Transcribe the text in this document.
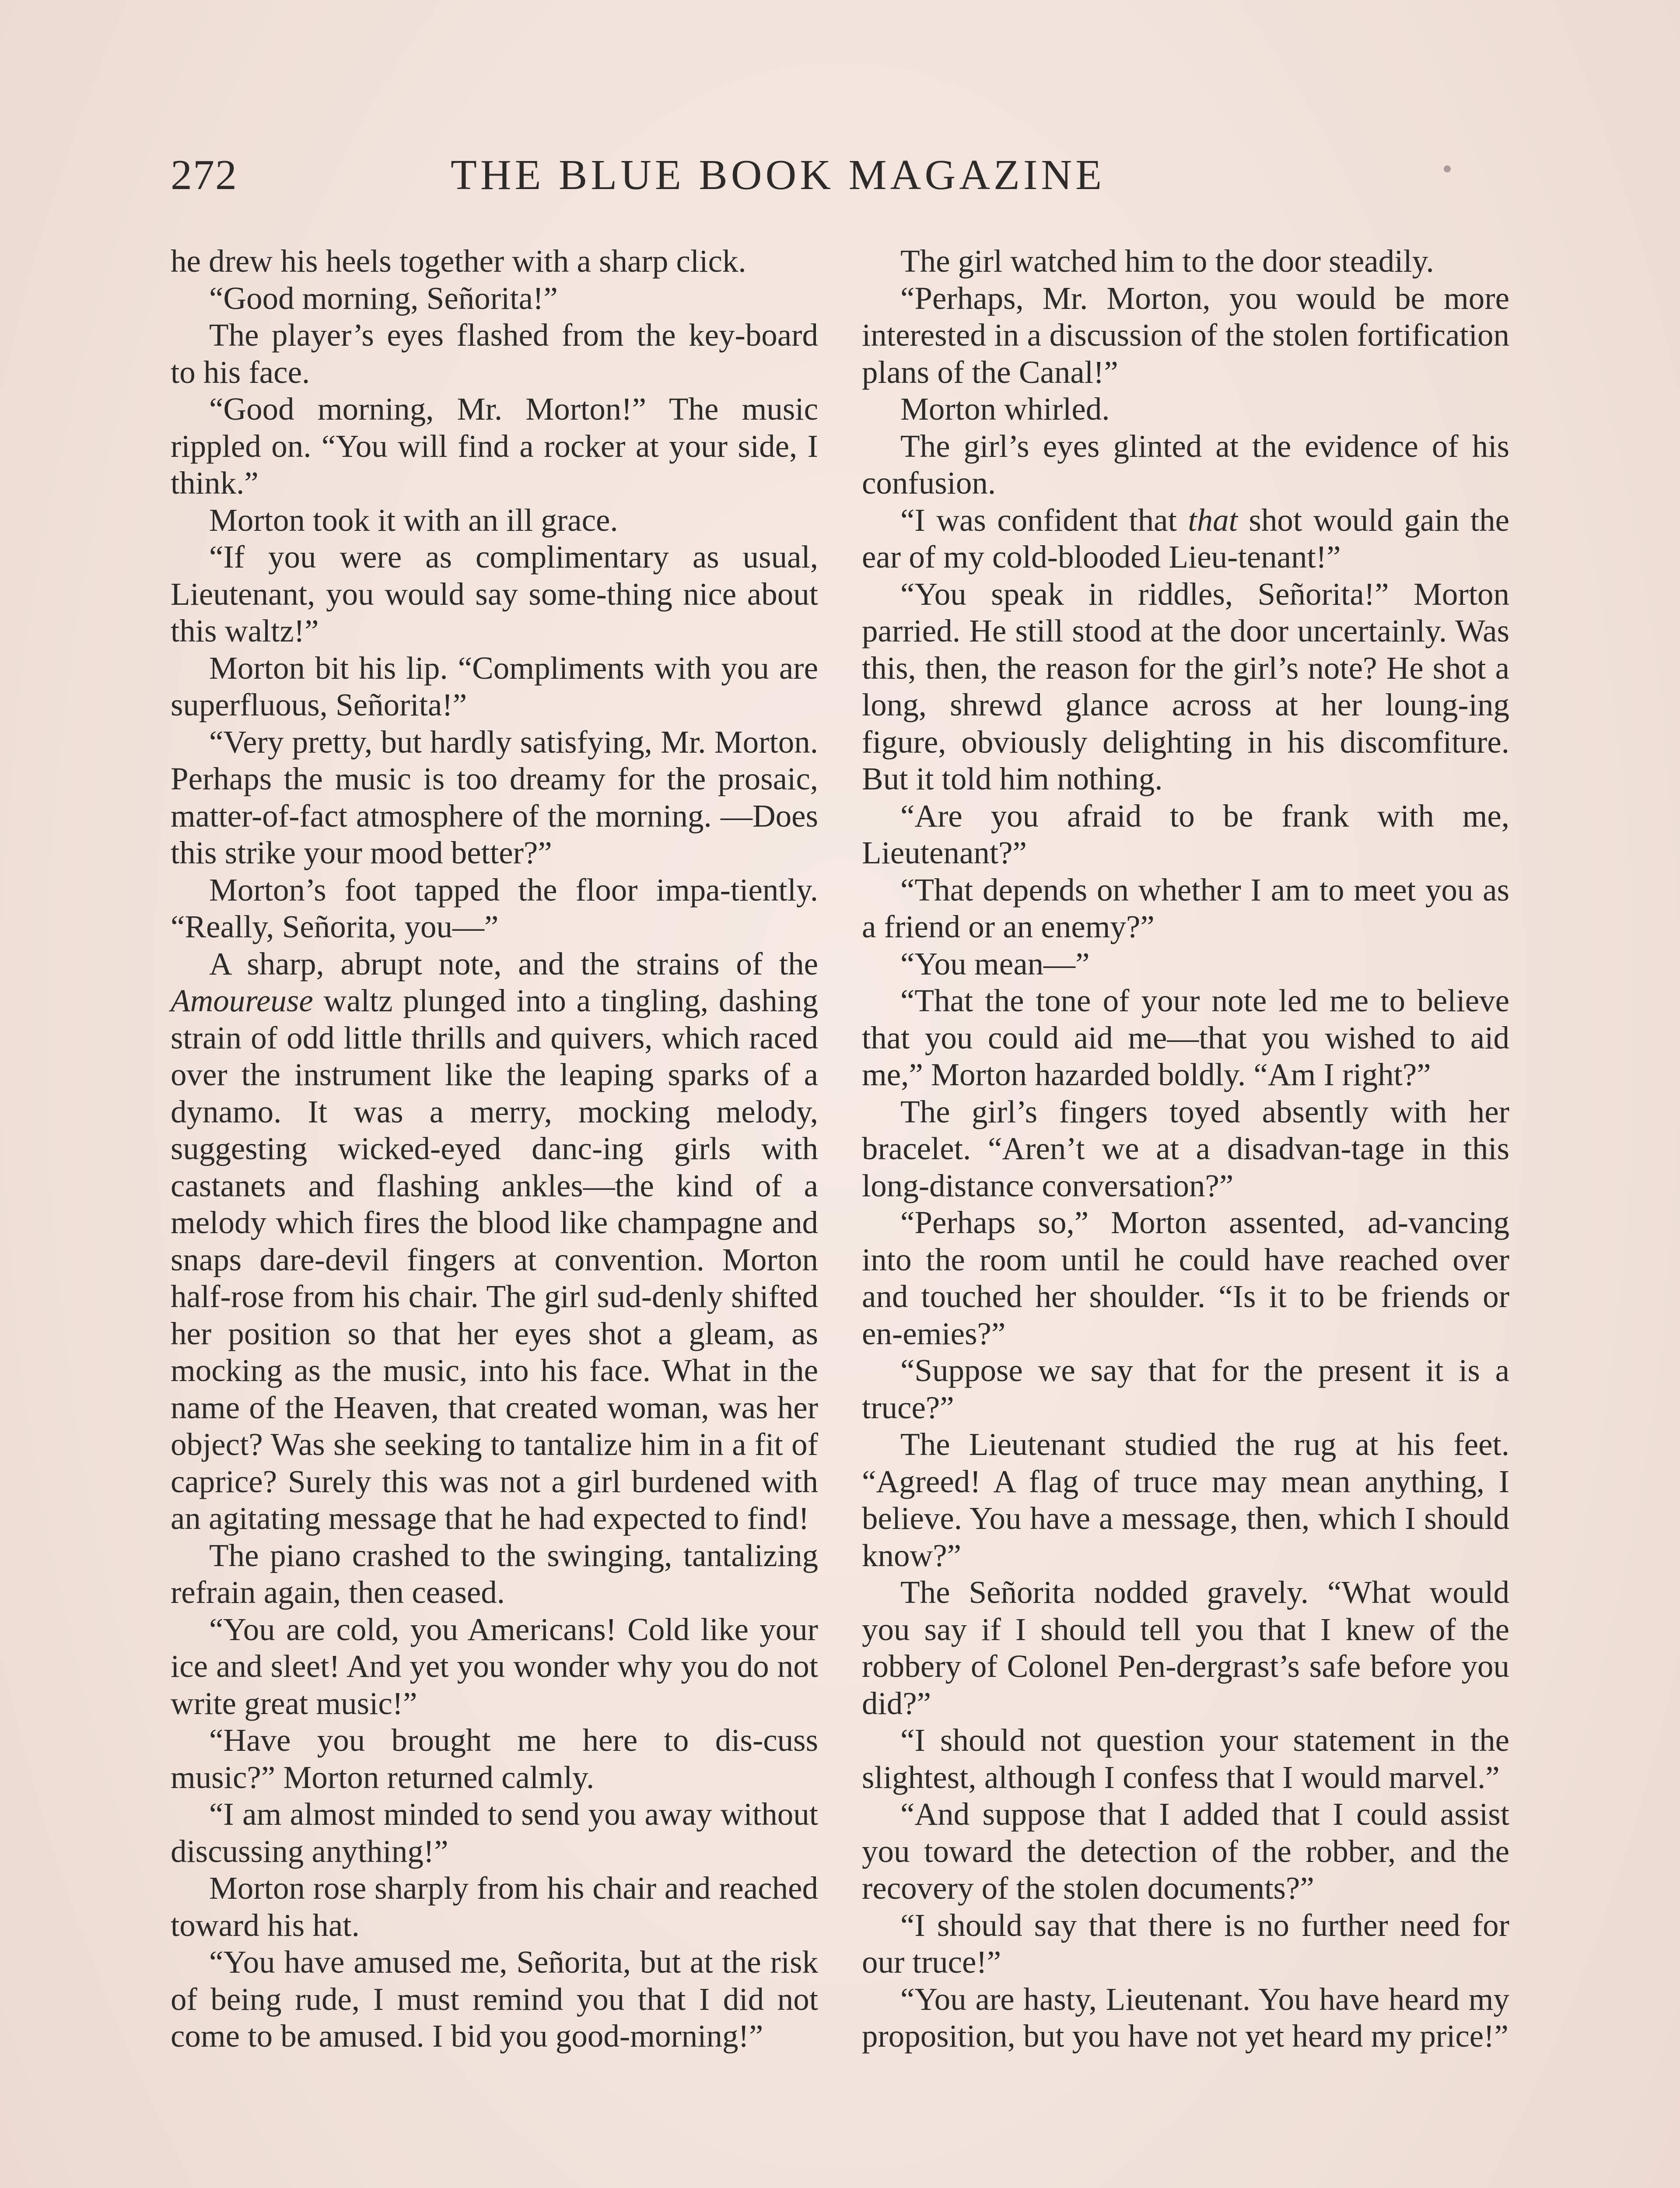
272	THE BLUE BOOK MAGAZINE

he drew his heels together with a sharp click.

“Good morning, Señorita!”

The player’s eyes flashed from the key-board to his face.

“Good morning, Mr. Morton!” The music rippled on. “You will find a rocker at your side, I think.”

Morton took it with an ill grace.

“If you were as complimentary as usual, Lieutenant, you would say some-thing nice about this waltz!”

Morton bit his lip. “Compliments with you are superfluous, Señorita!”

“Very pretty, but hardly satisfying, Mr. Morton. Perhaps the music is too dreamy for the prosaic, matter-of-fact atmosphere of the morning. —Does this strike your mood better?”

Morton’s foot tapped the floor impa-tiently. “Really, Señorita, you—”

A sharp, abrupt note, and the strains of the Amoureuse waltz plunged into a tingling, dashing strain of odd little thrills and quivers, which raced over the instrument like the leaping sparks of a dynamo. It was a merry, mocking melody, suggesting wicked-eyed danc-ing girls with castanets and flashing ankles—the kind of a melody which fires the blood like champagne and snaps dare-devil fingers at convention. Morton half-rose from his chair. The girl sud-denly shifted her position so that her eyes shot a gleam, as mocking as the music, into his face. What in the name of the Heaven, that created woman, was her object? Was she seeking to tantalize him in a fit of caprice? Surely this was not a girl burdened with an agitating message that he had expected to find!

The piano crashed to the swinging, tantalizing refrain again, then ceased.

“You are cold, you Americans! Cold like your ice and sleet! And yet you wonder why you do not write great music!”

“Have you brought me here to dis-cuss music?” Morton returned calmly.

“I am almost minded to send you away without discussing anything!”

Morton rose sharply from his chair and reached toward his hat.

“You have amused me, Señorita, but at the risk of being rude, I must remind you that I did not come to be amused. I bid you good-morning!”

The girl watched him to the door steadily.

“Perhaps, Mr. Morton, you would be more interested in a discussion of the stolen fortification plans of the Canal!”

Morton whirled.

The girl’s eyes glinted at the evidence of his confusion.

“I was confident that that shot would gain the ear of my cold-blooded Lieu-tenant!”

“You speak in riddles, Señorita!” Morton parried. He still stood at the door uncertainly. Was this, then, the reason for the girl’s note? He shot a long, shrewd glance across at her loung-ing figure, obviously delighting in his discomfiture. But it told him nothing.

“Are you afraid to be frank with me, Lieutenant?”

“That depends on whether I am to meet you as a friend or an enemy?”

“You mean—”

“That the tone of your note led me to believe that you could aid me—that you wished to aid me,” Morton hazarded boldly. “Am I right?”

The girl’s fingers toyed absently with her bracelet. “Aren’t we at a disadvan-tage in this long-distance conversation?”

“Perhaps so,” Morton assented, ad-vancing into the room until he could have reached over and touched her shoulder. “Is it to be friends or en-emies?”

“Suppose we say that for the present it is a truce?”

The Lieutenant studied the rug at his feet. “Agreed! A flag of truce may mean anything, I believe. You have a message, then, which I should know?”

The Señorita nodded gravely. “What would you say if I should tell you that I knew of the robbery of Colonel Pen-dergrast’s safe before you did?”

“I should not question your statement in the slightest, although I confess that I would marvel.”

“And suppose that I added that I could assist you toward the detection of the robber, and the recovery of the stolen documents?”

“I should say that there is no further need for our truce!”

“You are hasty, Lieutenant. You have heard my proposition, but you have not yet heard my price!”
